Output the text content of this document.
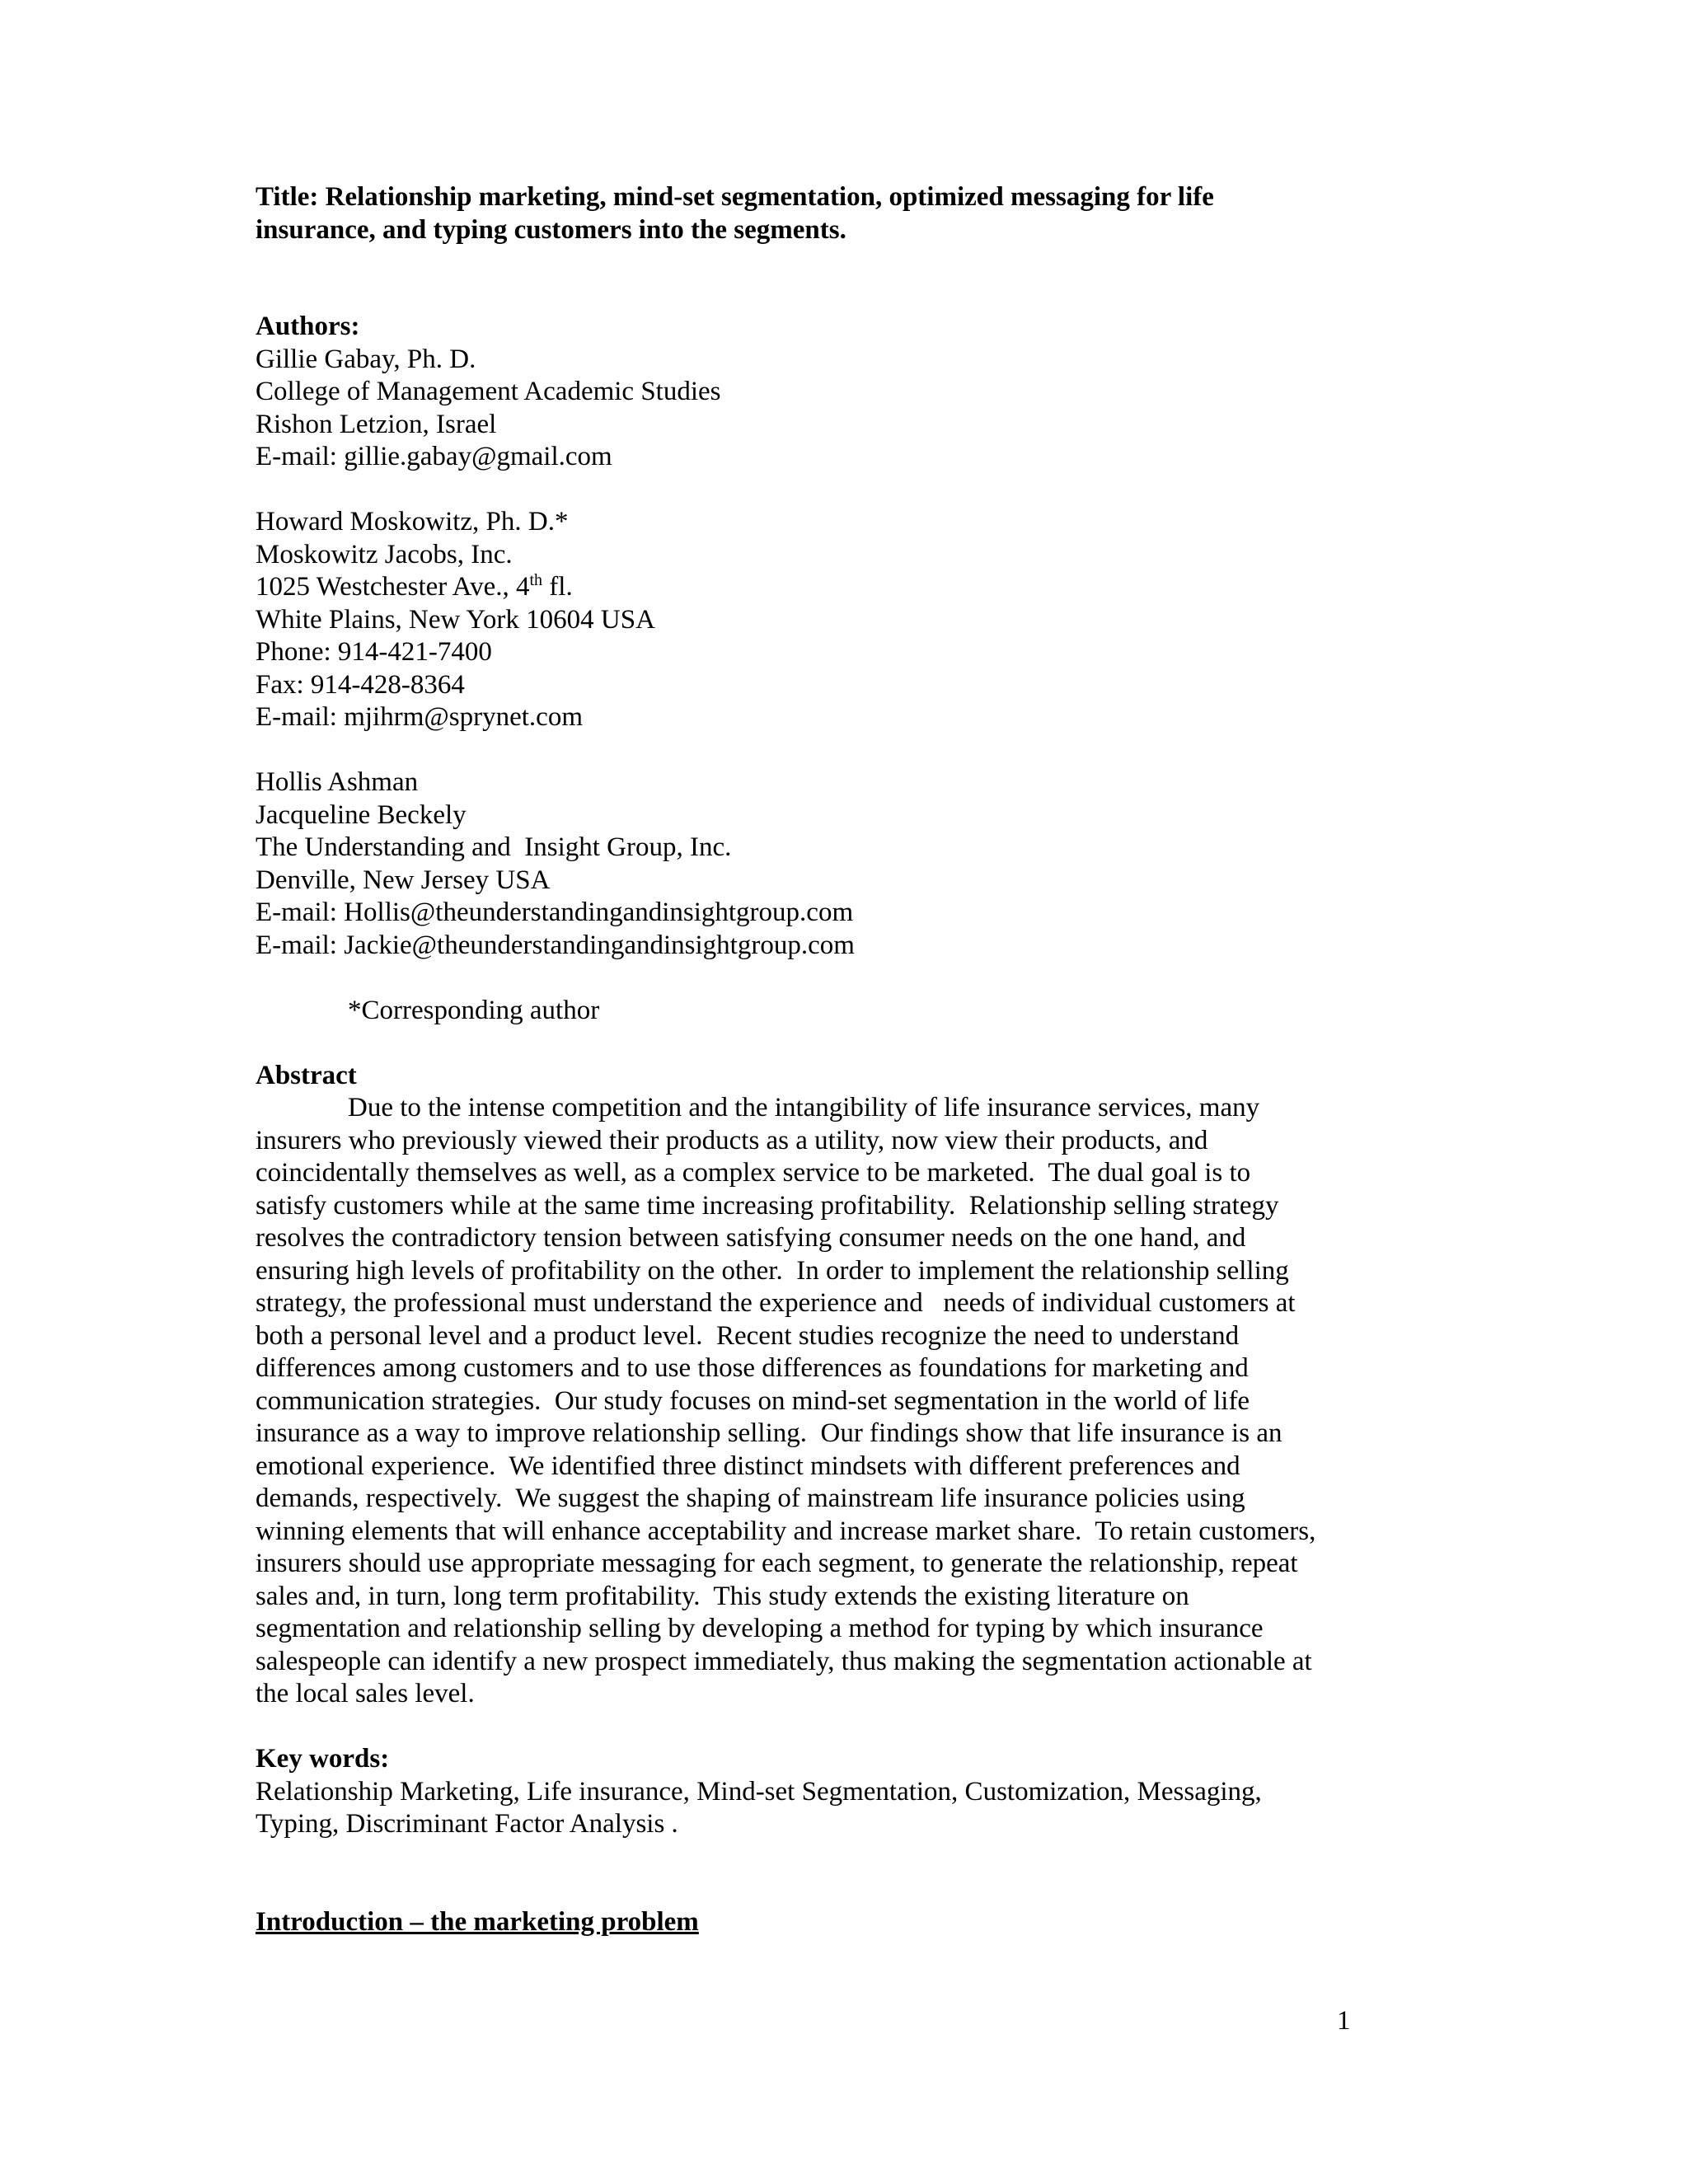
Title: Relationship marketing, mind-set segmentation, optimized messaging for life
insurance, and typing customers into the segments.
Authors:
Gillie Gabay, Ph. D.
College of Management Academic Studies
Rishon Letzion, Israel
E-mail: gillie.gabay@gmail.com
Howard Moskowitz, Ph. D.*
Moskowitz Jacobs, Inc.
1025 Westchester Ave., 4th fl.
White Plains, New York 10604 USA
Phone: 914-421-7400
Fax: 914-428-8364
E-mail: mjihrm@sprynet.com
Hollis Ashman
Jacqueline Beckely
The Understanding and  Insight Group, Inc.
Denville, New Jersey USA
E-mail: Hollis@theunderstandingandinsightgroup.com
E-mail: Jackie@theunderstandingandinsightgroup.com
*Corresponding author
Abstract
Due to the intense competition and the intangibility of life insurance services, many
insurers who previously viewed their products as a utility, now view their products, and
coincidentally themselves as well, as a complex service to be marketed.  The dual goal is to
satisfy customers while at the same time increasing profitability.  Relationship selling strategy
resolves the contradictory tension between satisfying consumer needs on the one hand, and
ensuring high levels of profitability on the other.  In order to implement the relationship selling
strategy, the professional must understand the experience and   needs of individual customers at
both a personal level and a product level.  Recent studies recognize the need to understand
differences among customers and to use those differences as foundations for marketing and
communication strategies.  Our study focuses on mind-set segmentation in the world of life
insurance as a way to improve relationship selling.  Our findings show that life insurance is an
emotional experience.  We identified three distinct mindsets with different preferences and
demands, respectively.  We suggest the shaping of mainstream life insurance policies using
winning elements that will enhance acceptability and increase market share.  To retain customers,
insurers should use appropriate messaging for each segment, to generate the relationship, repeat
sales and, in turn, long term profitability.  This study extends the existing literature on
segmentation and relationship selling by developing a method for typing by which insurance
salespeople can identify a new prospect immediately, thus making the segmentation actionable at
the local sales level.
Key words:
Relationship Marketing, Life insurance, Mind-set Segmentation, Customization, Messaging,
Typing, Discriminant Factor Analysis .
Introduction – the marketing problem
1
